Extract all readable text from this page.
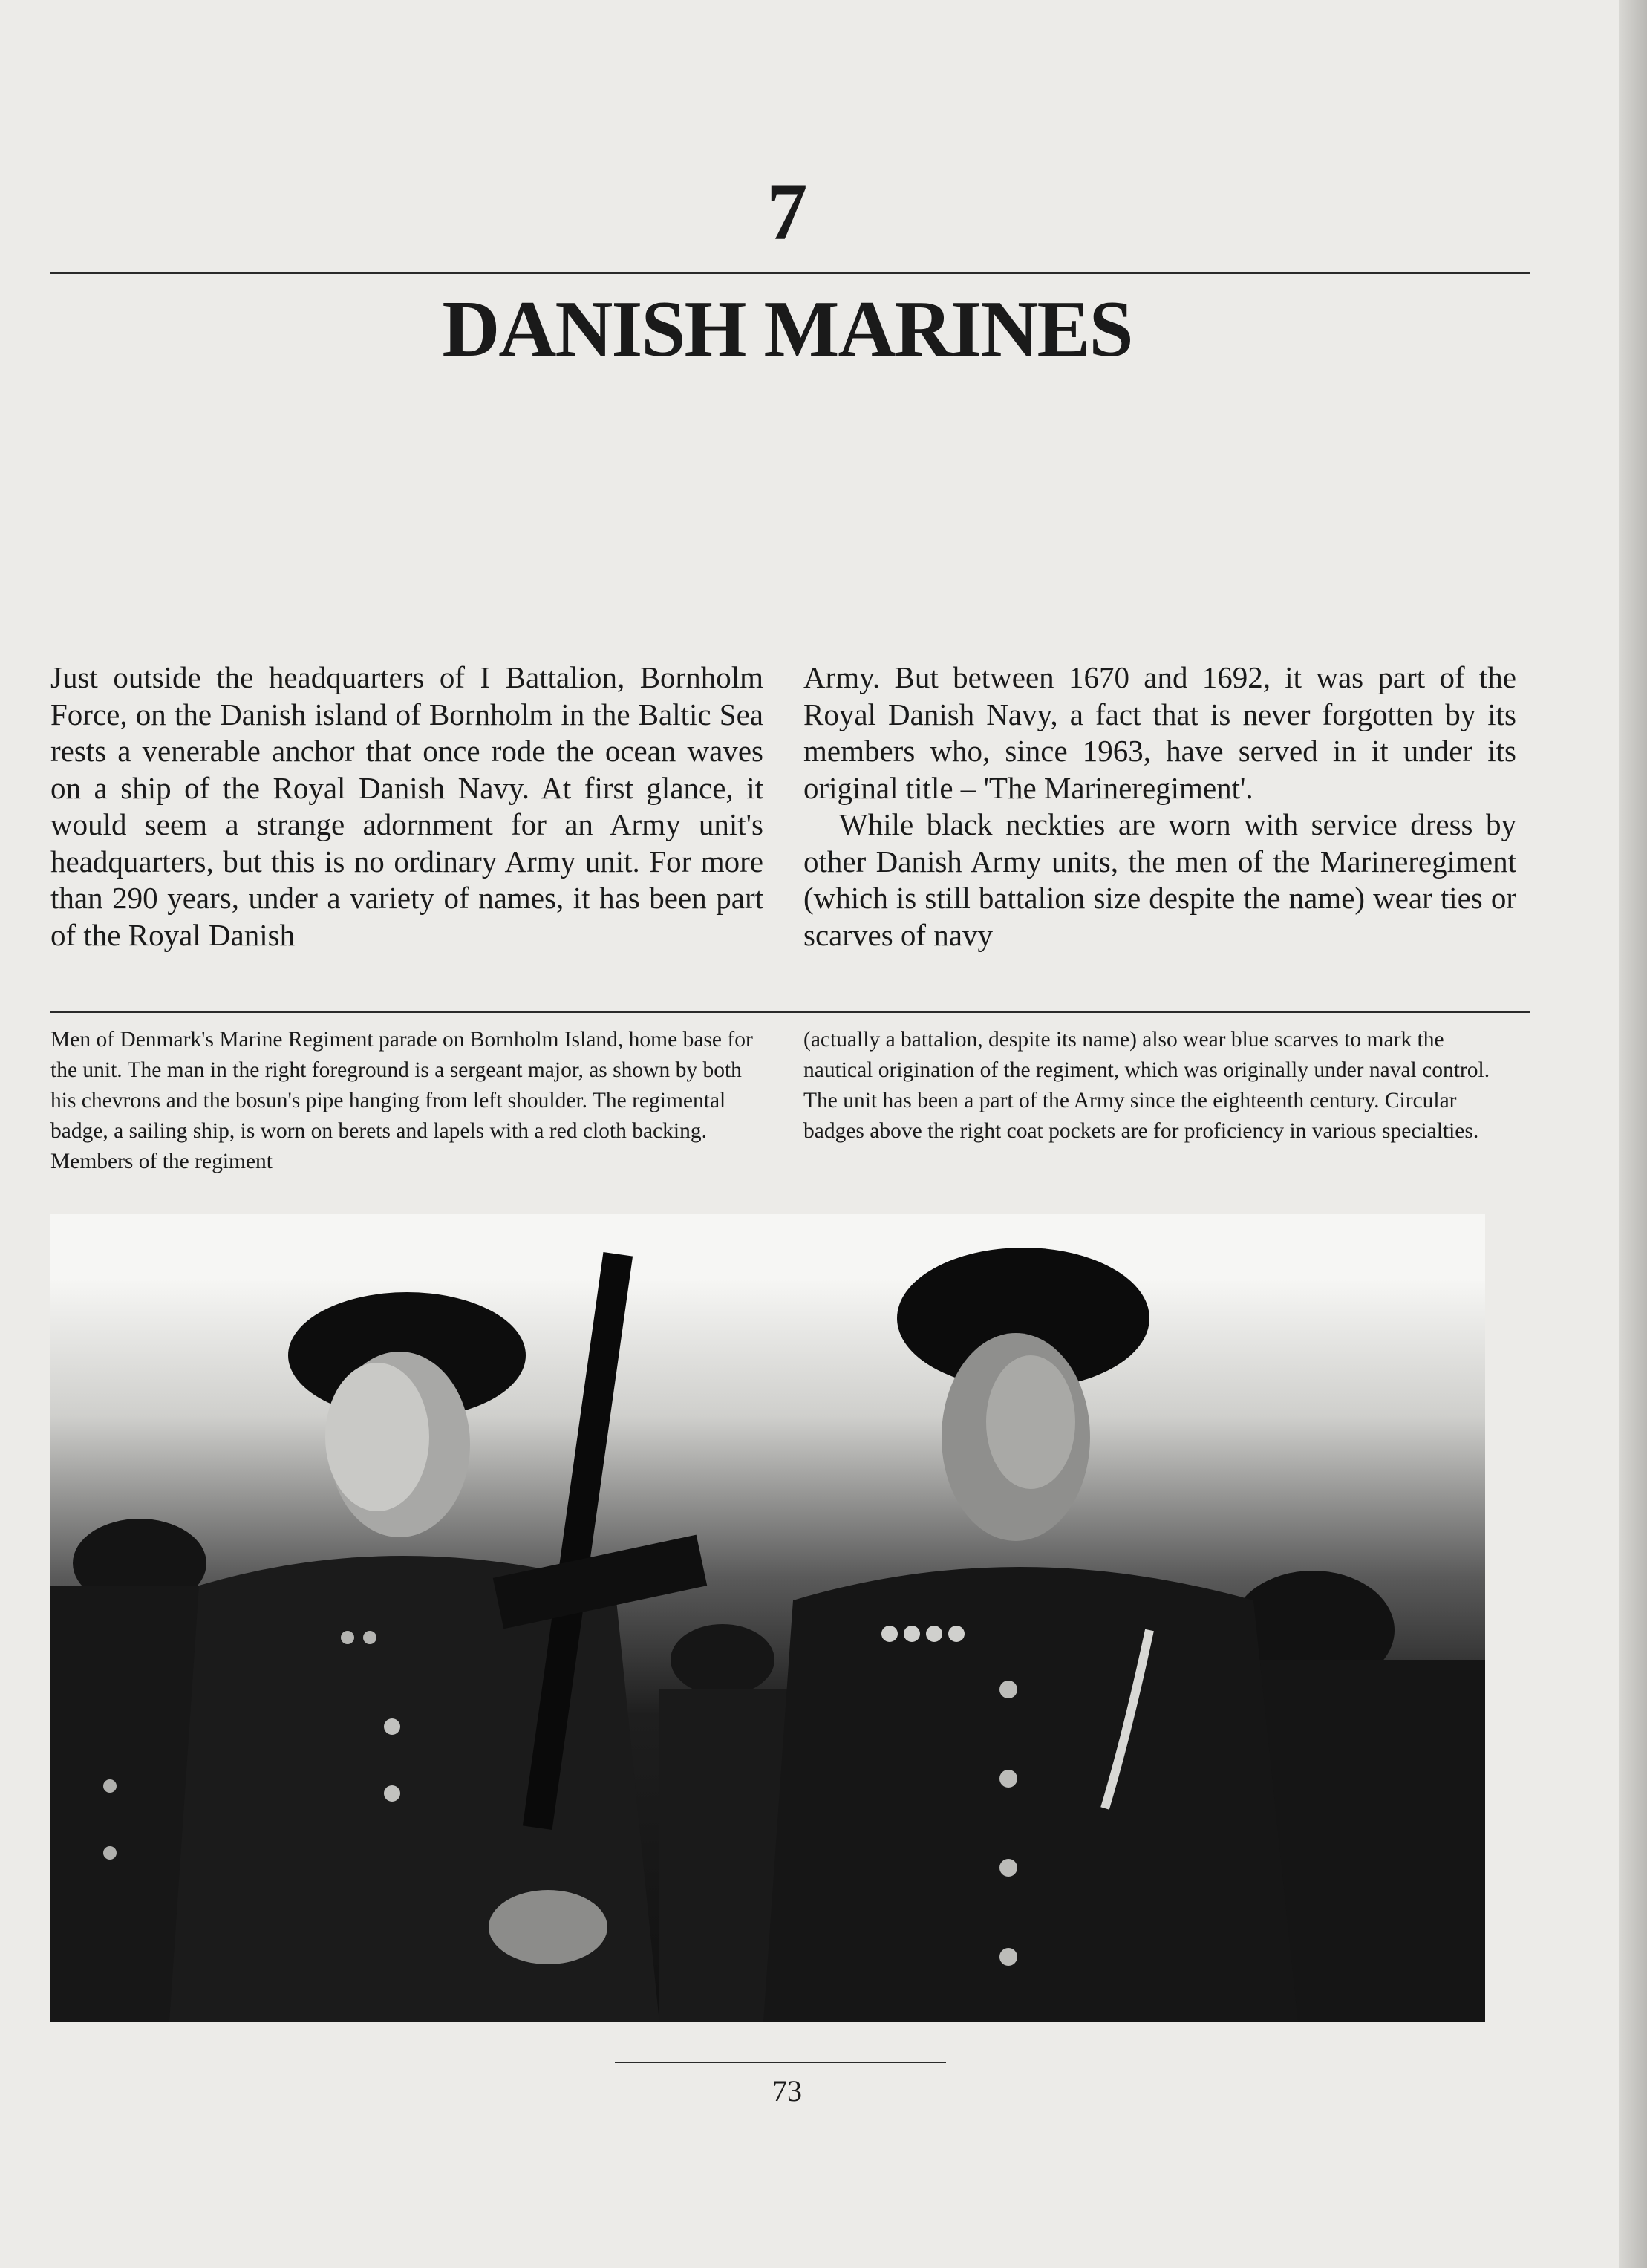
7
DANISH MARINES

Just outside the headquarters of I Battalion, Bornholm Force, on the Danish island of Bornholm in the Baltic Sea rests a venerable anchor that once rode the ocean waves on a ship of the Royal Danish Navy. At first glance, it would seem a strange adornment for an Army unit's headquarters, but this is no ordinary Army unit. For more than 290 years, under a variety of names, it has been part of the Royal Danish

Army. But between 1670 and 1692, it was part of the Royal Danish Navy, a fact that is never forgotten by its members who, since 1963, have served in it under its original title – 'The Marineregiment'.

While black neckties are worn with service dress by other Danish Army units, the men of the Marineregiment (which is still battalion size despite the name) wear ties or scarves of navy

Men of Denmark's Marine Regiment parade on Bornholm Island, home base for the unit. The man in the right foreground is a sergeant major, as shown by both his chevrons and the bosun's pipe hanging from left shoulder. The regimental badge, a sailing ship, is worn on berets and lapels with a red cloth backing. Members of the regiment
(actually a battalion, despite its name) also wear blue scarves to mark the nautical origination of the regiment, which was originally under naval control. The unit has been a part of the Army since the eighteenth century. Circular badges above the right coat pockets are for proficiency in various specialties.
73
